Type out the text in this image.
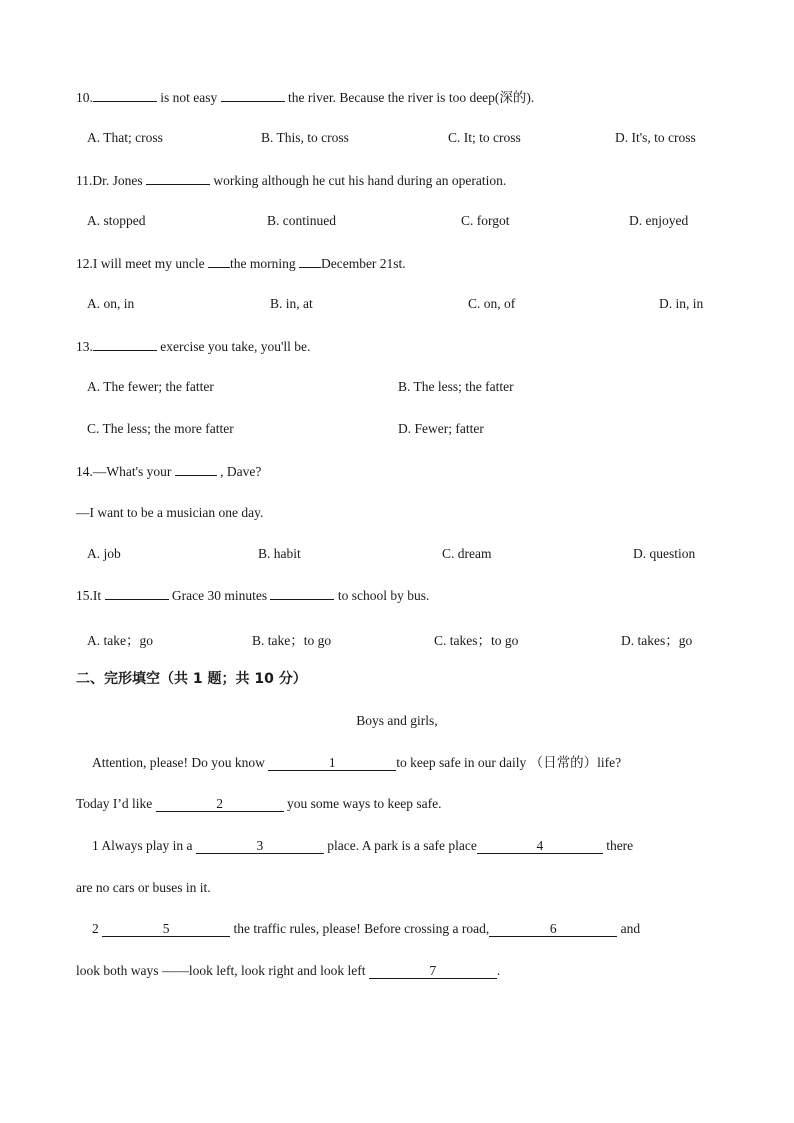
10.	is not easy	the river. Because the river is too deep(深的).
A. That; cross	B. This, to cross	C. It; to cross	D. It's, to cross
11.Dr. Jones	working although he cut his hand during an operation.
A. stopped	B. continued	C. forgot	D. enjoyed
12.I will meet my uncle the morning December 21st.
A. on, in	B. in, at	C. on, of	D. in, in
13.	exercise you take, you'll be.
A. The fewer; the fatter	B. The less; the fatter
C. The less; the more fatter	D. Fewer; fatter
14.—What's your	, Dave?
—I want to be a musician one day.
A. job	B. habit	C. dream	D. question
15.It	Grace 30 minutes	to school by bus.
A. take；go	B. take；to go	C. takes；to go	D. takes；go
二、完形填空（共 1 题；共 10 分）
Boys and girls,
Attention, please! Do you know	1	to keep safe in our daily （日常的）life?
Today I’d like	2	you some ways to keep safe.
1 Always play in a	3	place. A park is a safe place	4	there
are no cars or buses in it.
2	5	the traffic rules, please! Before crossing a road,	6	and
look both ways ——look left, look right and look left	7	.
